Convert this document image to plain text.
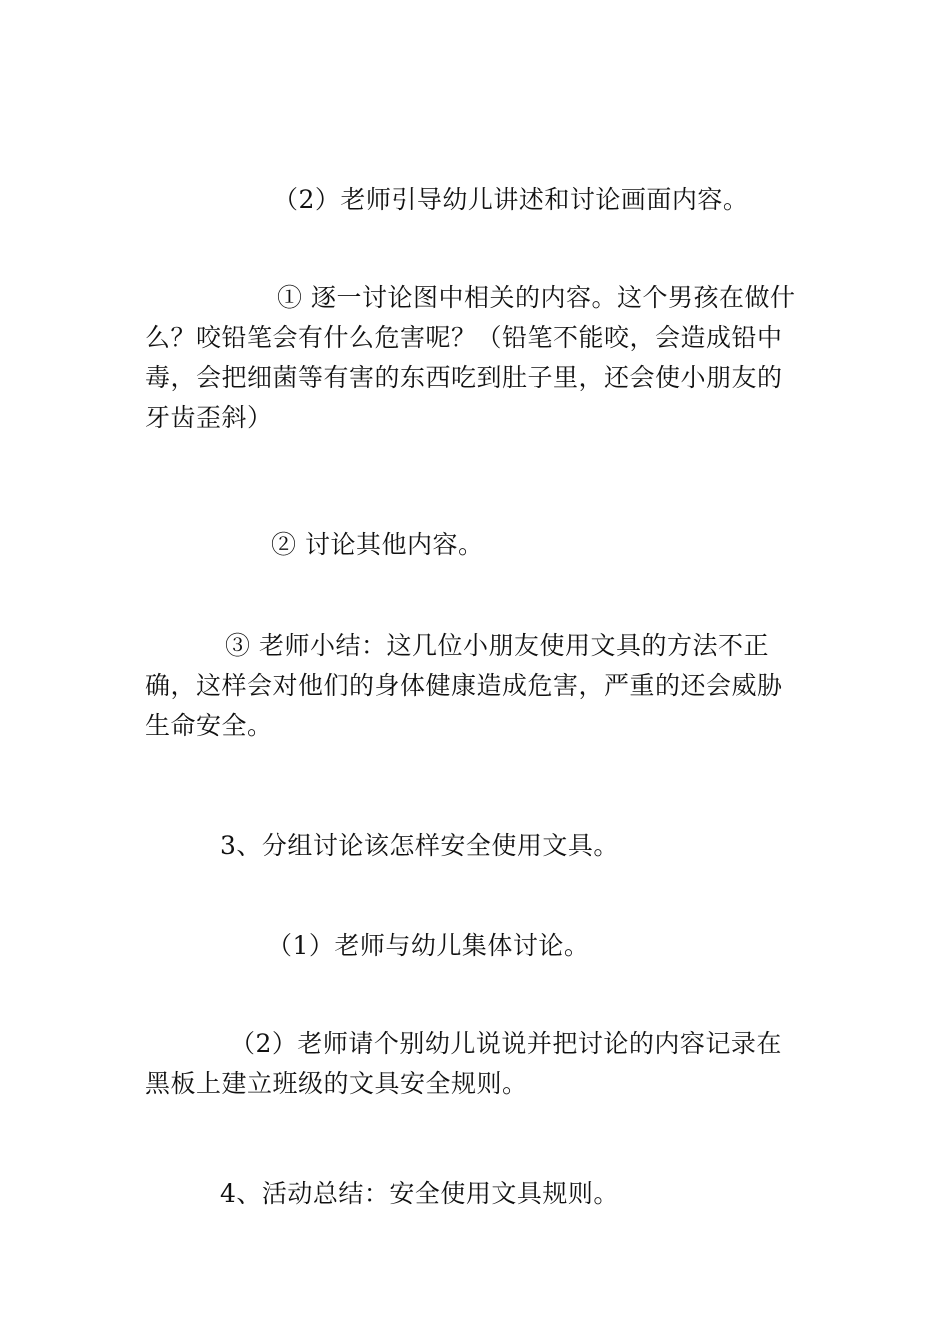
（2）老师引导幼儿讲述和讨论画面内容。

① 逐一讨论图中相关的内容。这个男孩在做什么？咬铅笔会有什么危害呢？（铅笔不能咬，会造成铅中毒，会把细菌等有害的东西吃到肚子里，还会使小朋友的牙齿歪斜）

② 讨论其他内容。

③ 老师小结：这几位小朋友使用文具的方法不正确，这样会对他们的身体健康造成危害，严重的还会威胁生命安全。

3、分组讨论该怎样安全使用文具。

（1）老师与幼儿集体讨论。

（2）老师请个别幼儿说说并把讨论的内容记录在黑板上建立班级的文具安全规则。

4、活动总结：安全使用文具规则。
